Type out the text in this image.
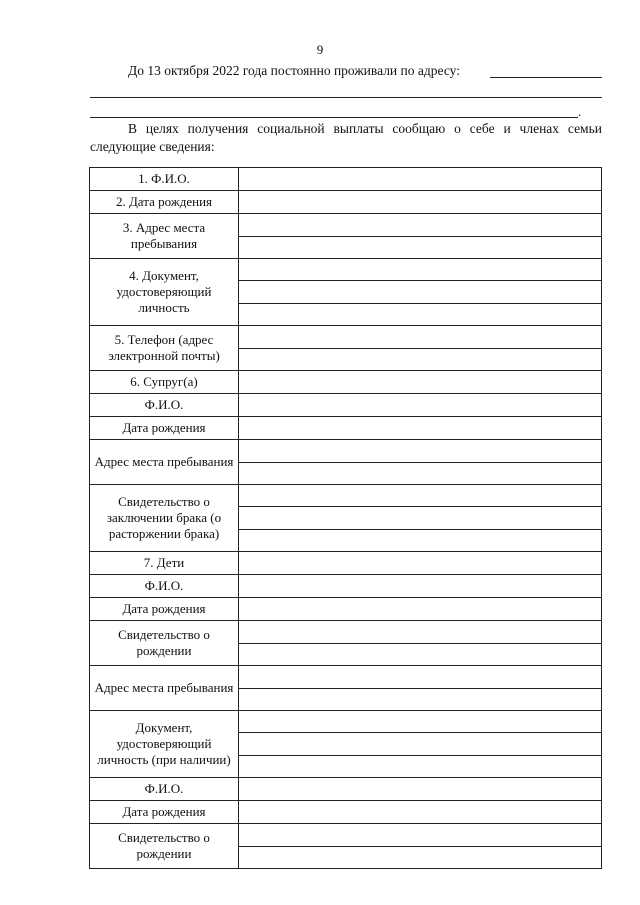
9
До 13 октября 2022 года постоянно проживали по адресу:
.
В целях получения социальной выплаты сообщаю о себе и членах семьи следующие сведения:
1. Ф.И.О.	

2. Дата рождения	

3. Адрес места пребывания	

4. Документ, удостоверяющий личность	

5. Телефон (адрес электронной почты)	

6. Супруг(а)	

Ф.И.О.	

Дата рождения	

Адрес места пребывания	

Свидетельство о заключении брака (о расторжении брака)	

7. Дети	

Ф.И.О.	

Дата рождения	

Свидетельство о рождении	

Адрес места пребывания	

Документ, удостоверяющий личность (при наличии)	

Ф.И.О.	

Дата рождения	

Свидетельство о рождении	
